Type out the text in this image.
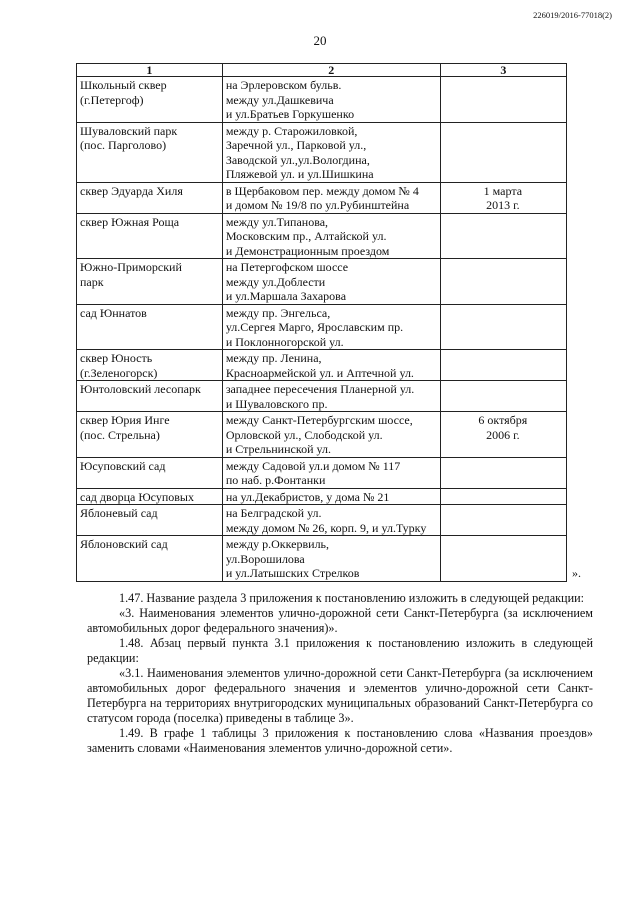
226019/2016-77018(2)
20
1	2	3

Школьный сквер
(г.Петергоф)	на Эрлеровском бульв.
между ул.Дашкевича
и ул.Братьев Горкушенко	

Шуваловский парк
(пос. Парголово)	между р. Старожиловкой,
Заречной ул., Парковой ул.,
Заводской ул.,ул.Вологдина,
Пляжевой ул. и ул.Шишкина	

сквер Эдуарда Хиля	в Щербаковом пер. между домом № 4
и домом № 19/8 по ул.Рубинштейна	1 марта
2013 г.

сквер Южная Роща	между ул.Типанова,
Московским пр., Алтайской ул.
и Демонстрационным проездом	

Южно-Приморский
парк	на Петергофском шоссе
между ул.Доблести
и ул.Маршала Захарова	

сад Юннатов	между пр. Энгельса,
ул.Сергея Марго, Ярославским пр.
и Поклонногорской ул.	

сквер Юность
(г.Зеленогорск)	между пр. Ленина,
Красноармейской ул. и Аптечной ул.	

Юнтоловский лесопарк	западнее пересечения Планерной ул.
и Шуваловского пр.	

сквер Юрия Инге
(пос. Стрельна)	между Санкт-Петербургским шоссе,
Орловской ул., Слободской ул.
и Стрельнинской ул.	6 октября
2006 г.

Юсуповский сад	между Садовой ул.и домом № 117
по наб. р.Фонтанки	

сад дворца Юсуповых	на ул.Декабристов, у дома № 21	

Яблоневый сад	на Белградской ул.
между домом № 26, корп. 9, и ул.Турку	

Яблоновский сад	между р.Оккервиль,
ул.Ворошилова
и ул.Латышских Стрелков	
		».

1.47. Название раздела 3 приложения к постановлению изложить в следующей редакции:

«3. Наименования элементов улично-дорожной сети Санкт-Петербурга (за исключением автомобильных дорог федерального значения)».

1.48. Абзац первый пункта 3.1 приложения к постановлению изложить в следующей редакции:

«3.1. Наименования элементов улично-дорожной сети Санкт-Петербурга (за исключением автомобильных дорог федерального значения и элементов улично-дорожной сети Санкт-Петербурга на территориях внутригородских муниципальных образований Санкт-Петербурга со статусом города (поселка) приведены в таблице 3».

1.49. В графе 1 таблицы 3 приложения к постановлению слова «Названия проездов» заменить словами «Наименования элементов улично-дорожной сети».
